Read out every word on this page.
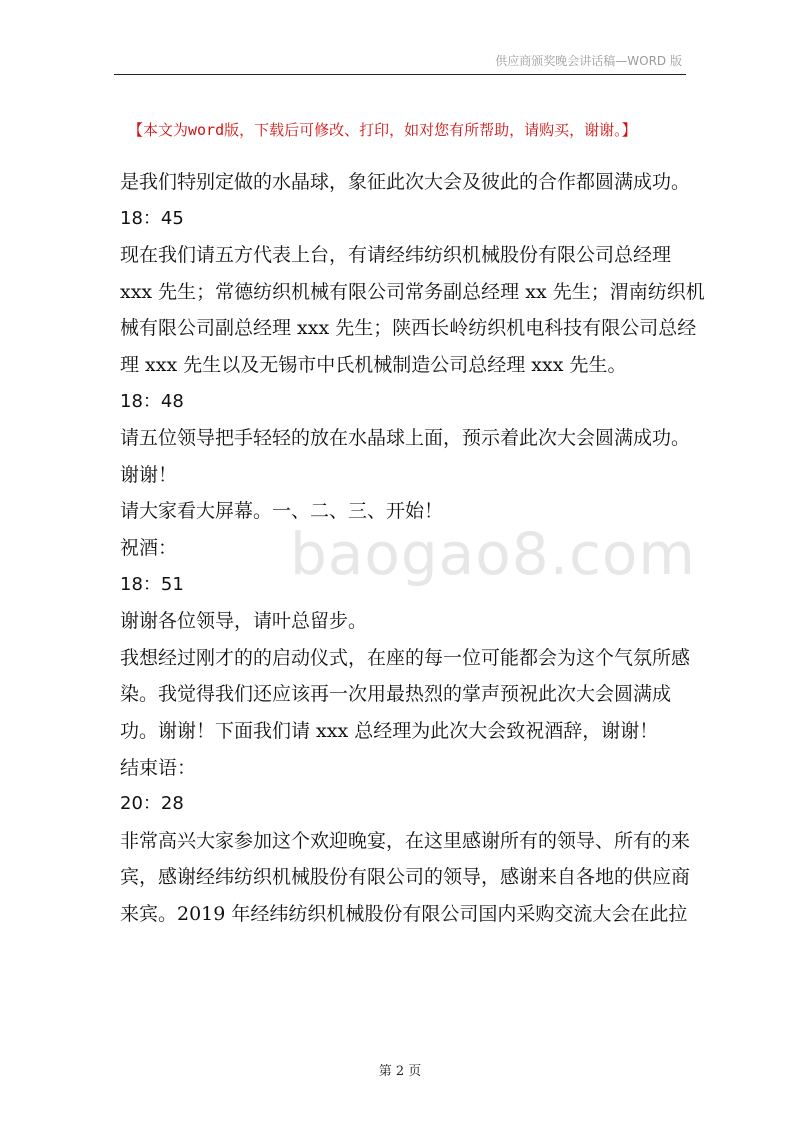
供应商颁奖晚会讲话稿—WORD 版
【本文为word版，下载后可修改、打印，如对您有所帮助，请购买，谢谢。】
baogao8.com
是我们特别定做的水晶球，象征此次大会及彼此的合作都圆满成功。
18：45
现在我们请五方代表上台，有请经纬纺织机械股份有限公司总经理
xxx 先生；常德纺织机械有限公司常务副总经理 xx 先生；渭南纺织机
械有限公司副总经理 xxx 先生；陕西长岭纺织机电科技有限公司总经
理 xxx 先生以及无锡市中氏机械制造公司总经理 xxx 先生。
18：48
请五位领导把手轻轻的放在水晶球上面，预示着此次大会圆满成功。
谢谢！
请大家看大屏幕。一、二、三、开始！
祝酒：
18：51
谢谢各位领导，请叶总留步。
我想经过刚才的的启动仪式，在座的每一位可能都会为这个气氛所感
染。我觉得我们还应该再一次用最热烈的掌声预祝此次大会圆满成
功。谢谢！下面我们请 xxx 总经理为此次大会致祝酒辞，谢谢！
结束语：
20：28
非常高兴大家参加这个欢迎晚宴，在这里感谢所有的领导、所有的来
宾，感谢经纬纺织机械股份有限公司的领导，感谢来自各地的供应商
来宾。2019 年经纬纺织机械股份有限公司国内采购交流大会在此拉
第 2 页
